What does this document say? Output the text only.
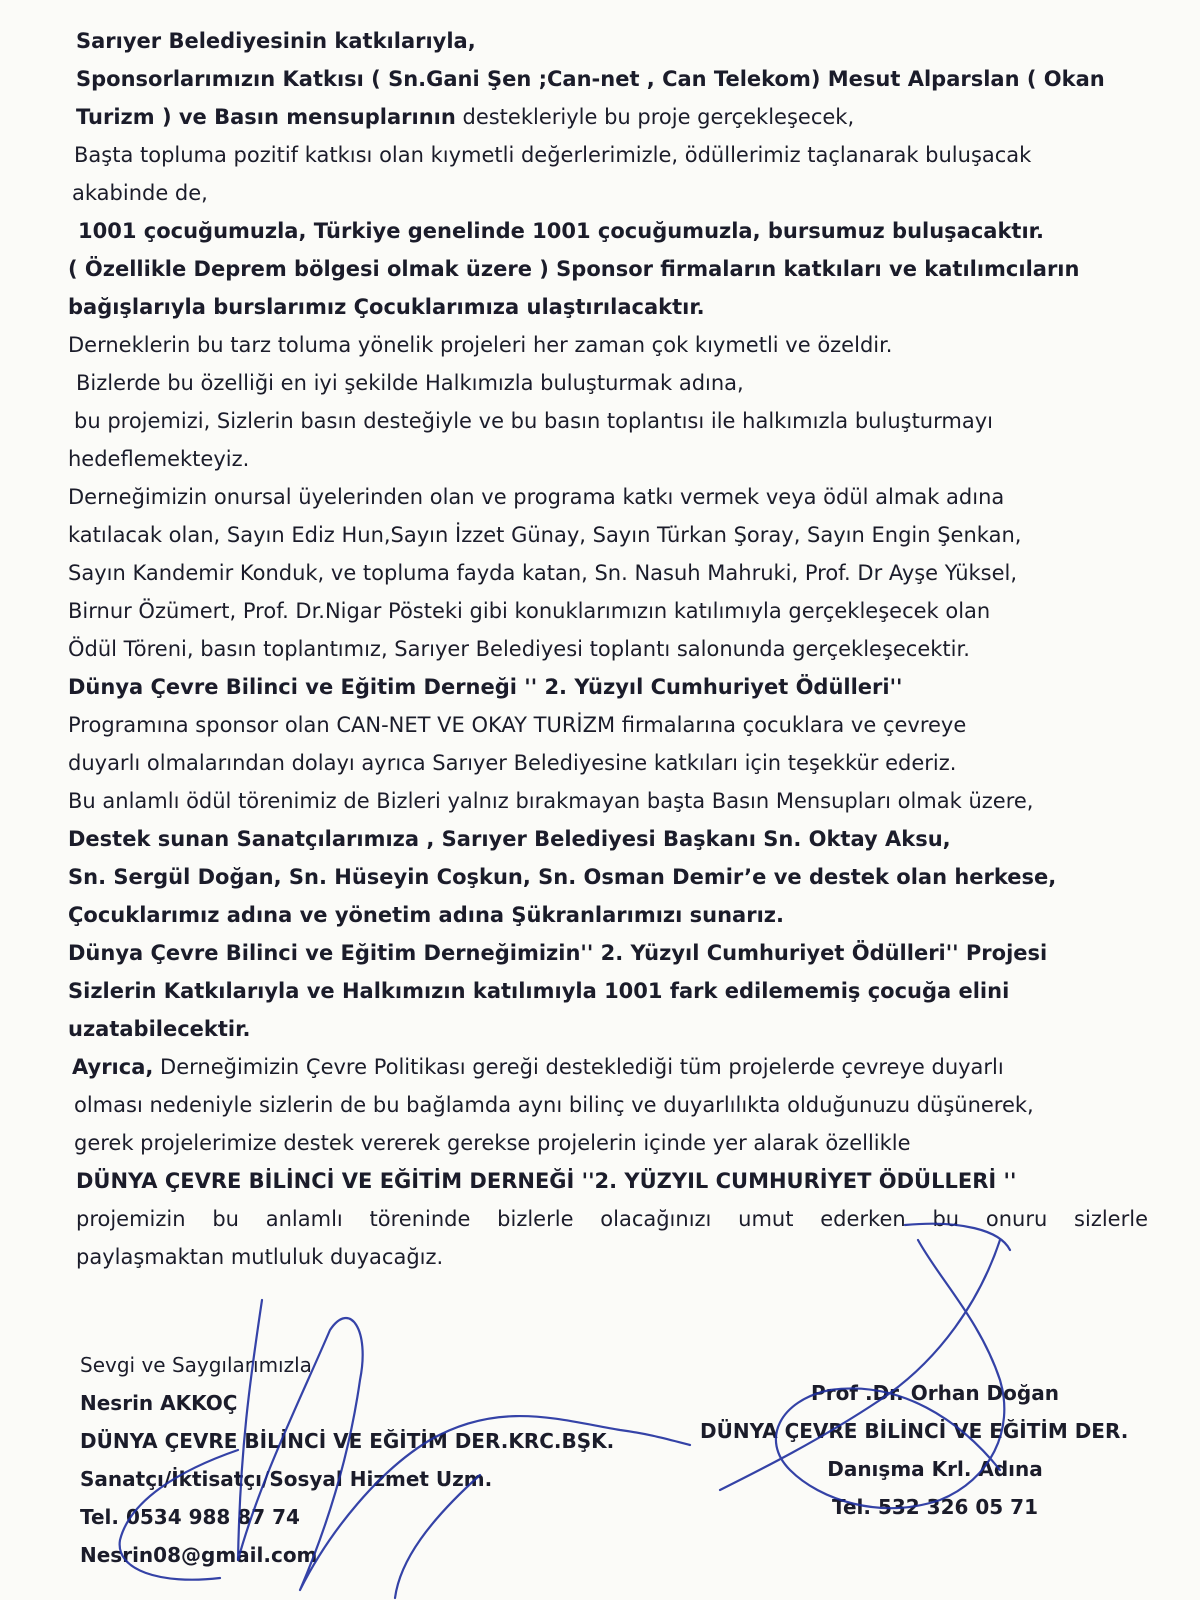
Sarıyer Belediyesinin katkılarıyla,
Sponsorlarımızın Katkısı ( Sn.Gani Şen ;Can-net , Can Telekom) Mesut Alparslan ( Okan
Turizm ) ve Basın mensuplarının destekleriyle bu proje gerçekleşecek,
Başta topluma pozitif katkısı olan kıymetli değerlerimizle, ödüllerimiz taçlanarak buluşacak
akabinde de,
1001 çocuğumuzla, Türkiye genelinde 1001 çocuğumuzla, bursumuz buluşacaktır.
( Özellikle Deprem bölgesi olmak üzere ) Sponsor firmaların katkıları ve katılımcıların
bağışlarıyla burslarımız Çocuklarımıza ulaştırılacaktır.
Derneklerin bu tarz toluma yönelik projeleri her zaman çok kıymetli ve özeldir.
Bizlerde bu özelliği en iyi şekilde Halkımızla buluşturmak adına,
bu projemizi, Sizlerin basın desteğiyle ve bu basın toplantısı ile halkımızla buluşturmayı
hedeflemekteyiz.
Derneğimizin onursal üyelerinden olan ve programa katkı vermek veya ödül almak adına
katılacak olan, Sayın Ediz Hun,Sayın İzzet Günay, Sayın Türkan Şoray, Sayın Engin Şenkan,
Sayın Kandemir Konduk, ve topluma fayda katan, Sn. Nasuh Mahruki, Prof. Dr Ayşe Yüksel,
Birnur Özümert, Prof. Dr.Nigar Pösteki gibi konuklarımızın katılımıyla gerçekleşecek olan
Ödül Töreni, basın toplantımız, Sarıyer Belediyesi toplantı salonunda gerçekleşecektir.
Dünya Çevre Bilinci ve Eğitim Derneği '' 2. Yüzyıl Cumhuriyet Ödülleri''
Programına sponsor olan CAN-NET VE OKAY TURİZM firmalarına çocuklara ve çevreye
duyarlı olmalarından dolayı ayrıca Sarıyer Belediyesine katkıları için teşekkür ederiz.
Bu anlamlı ödül törenimiz de Bizleri yalnız bırakmayan başta Basın Mensupları olmak üzere,
Destek sunan Sanatçılarımıza , Sarıyer Belediyesi Başkanı Sn. Oktay Aksu,
Sn. Sergül Doğan, Sn. Hüseyin Coşkun, Sn. Osman Demir’e ve destek olan herkese,
Çocuklarımız adına ve yönetim adına Şükranlarımızı sunarız.
Dünya Çevre Bilinci ve Eğitim Derneğimizin'' 2. Yüzyıl Cumhuriyet Ödülleri'' Projesi
Sizlerin Katkılarıyla ve Halkımızın katılımıyla 1001 fark edilememiş çocuğa elini
uzatabilecektir.
Ayrıca, Derneğimizin Çevre Politikası gereği desteklediği tüm projelerde çevreye duyarlı
olması nedeniyle sizlerin de bu bağlamda aynı bilinç ve duyarlılıkta olduğunuzu düşünerek,
gerek projelerimize destek vererek gerekse projelerin içinde yer alarak özellikle
DÜNYA ÇEVRE BİLİNCİ VE EĞİTİM DERNEĞİ ''2. YÜZYIL CUMHURİYET ÖDÜLLERİ ''
projemizin bu anlamlı töreninde bizlerle olacağınızı umut ederken bu onuru sizlerle
paylaşmaktan mutluluk duyacağız.
Sevgi ve Saygılarımızla
Nesrin AKKOÇ
DÜNYA ÇEVRE BİLİNCİ VE EĞİTİM DER.KRC.BŞK.
Sanatçı/İktisatçı/Sosyal Hizmet Uzm.
Tel. 0534 988 87 74
Nesrin08@gmail.com
Prof .Dr. Orhan Doğan
DÜNYA ÇEVRE BİLİNCİ VE EĞİTİM DER.
Danışma Krl. Adına
Tel. 532 326 05 71
